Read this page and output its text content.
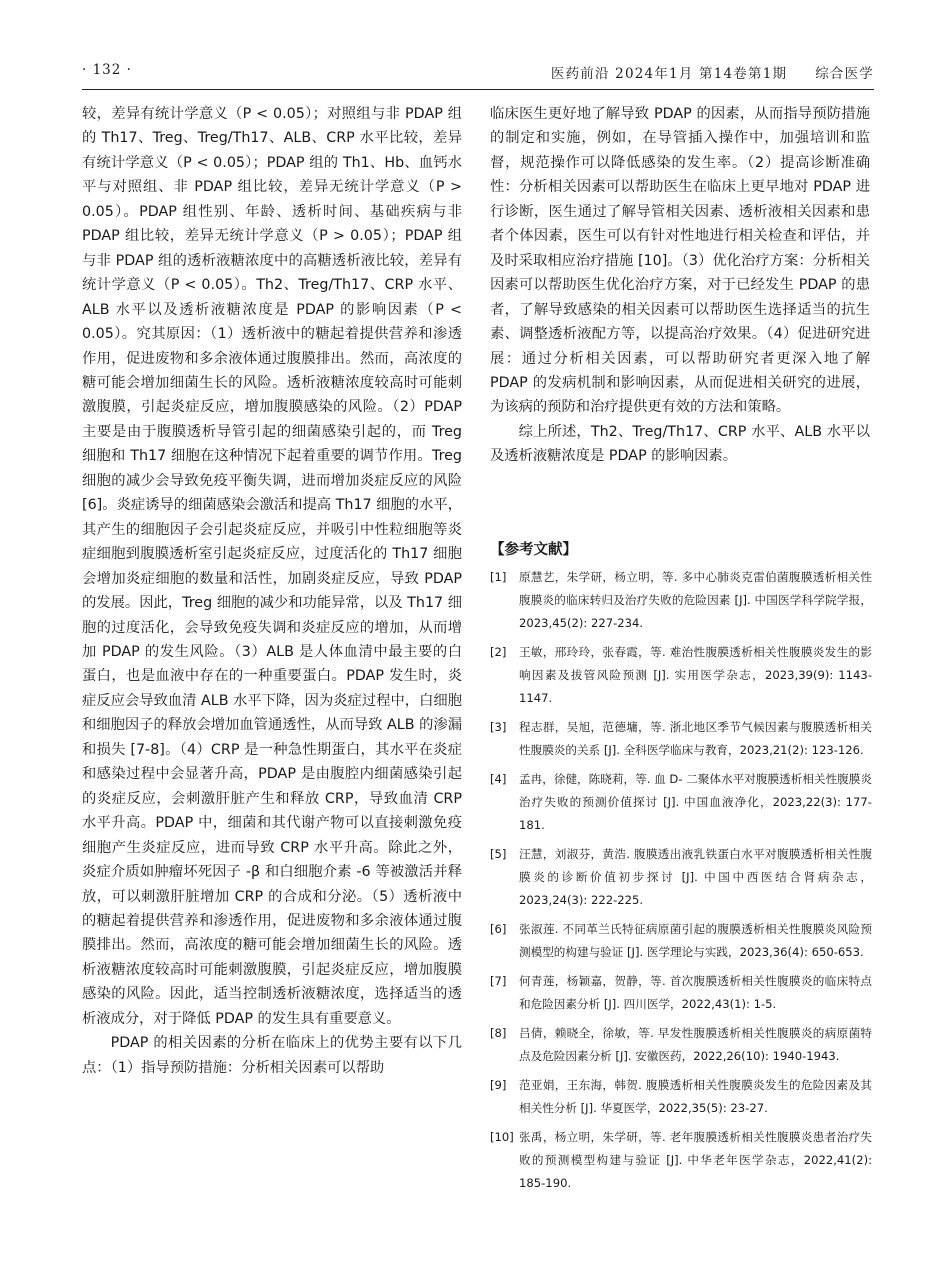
· 132 ·	医药前沿 2024年1月 第14卷第1期 综合医学

较，差异有统计学意义（P < 0.05）；对照组与非 PDAP 组的 Th17、Treg、Treg/Th17、ALB、CRP 水平比较，差异有统计学意义（P < 0.05）；PDAP 组的 Th1、Hb、血钙水平与对照组、非 PDAP 组比较，差异无统计学意义（P > 0.05）。PDAP 组性别、年龄、透析时间、基础疾病与非 PDAP 组比较，差异无统计学意义（P > 0.05）；PDAP 组与非 PDAP 组的透析液糖浓度中的高糖透析液比较，差异有统计学意义（P < 0.05）。Th2、Treg/Th17、CRP 水平、ALB 水平以及透析液糖浓度是 PDAP 的影响因素（P < 0.05）。究其原因：（1）透析液中的糖起着提供营养和渗透作用，促进废物和多余液体通过腹膜排出。然而，高浓度的糖可能会增加细菌生长的风险。透析液糖浓度较高时可能刺激腹膜，引起炎症反应，增加腹膜感染的风险。（2）PDAP 主要是由于腹膜透析导管引起的细菌感染引起的，而 Treg 细胞和 Th17 细胞在这种情况下起着重要的调节作用。Treg 细胞的减少会导致免疫平衡失调，进而增加炎症反应的风险 [6]。炎症诱导的细菌感染会激活和提高 Th17 细胞的水平，其产生的细胞因子会引起炎症反应，并吸引中性粒细胞等炎症细胞到腹膜透析室引起炎症反应，过度活化的 Th17 细胞会增加炎症细胞的数量和活性，加剧炎症反应，导致 PDAP 的发展。因此，Treg 细胞的减少和功能异常，以及 Th17 细胞的过度活化，会导致免疫失调和炎症反应的增加，从而增加 PDAP 的发生风险。（3）ALB 是人体血清中最主要的白蛋白，也是血液中存在的一种重要蛋白。PDAP 发生时，炎症反应会导致血清 ALB 水平下降，因为炎症过程中，白细胞和细胞因子的释放会增加血管通透性，从而导致 ALB 的渗漏和损失 [7-8]。（4）CRP 是一种急性期蛋白，其水平在炎症和感染过程中会显著升高，PDAP 是由腹腔内细菌感染引起的炎症反应，会刺激肝脏产生和释放 CRP，导致血清 CRP 水平升高。PDAP 中，细菌和其代谢产物可以直接刺激免疫细胞产生炎症反应，进而导致 CRP 水平升高。除此之外，炎症介质如肿瘤坏死因子 -β 和白细胞介素 -6 等被激活并释放，可以刺激肝脏增加 CRP 的合成和分泌。（5）透析液中的糖起着提供营养和渗透作用，促进废物和多余液体通过腹膜排出。然而，高浓度的糖可能会增加细菌生长的风险。透析液糖浓度较高时可能刺激腹膜，引起炎症反应，增加腹膜感染的风险。因此，适当控制透析液糖浓度，选择适当的透析液成分，对于降低 PDAP 的发生具有重要意义。

PDAP 的相关因素的分析在临床上的优势主要有以下几点：（1）指导预防措施：分析相关因素可以帮助

临床医生更好地了解导致 PDAP 的因素，从而指导预防措施的制定和实施，例如，在导管插入操作中，加强培训和监督，规范操作可以降低感染的发生率。（2）提高诊断准确性：分析相关因素可以帮助医生在临床上更早地对 PDAP 进行诊断，医生通过了解导管相关因素、透析液相关因素和患者个体因素，医生可以有针对性地进行相关检查和评估，并及时采取相应治疗措施 [10]。（3）优化治疗方案：分析相关因素可以帮助医生优化治疗方案，对于已经发生 PDAP 的患者，了解导致感染的相关因素可以帮助医生选择适当的抗生素、调整透析液配方等，以提高治疗效果。（4）促进研究进展：通过分析相关因素，可以帮助研究者更深入地了解 PDAP 的发病机制和影响因素，从而促进相关研究的进展，为该病的预防和治疗提供更有效的方法和策略。

综上所述，Th2、Treg/Th17、CRP 水平、ALB 水平以及透析液糖浓度是 PDAP 的影响因素。

【参考文献】
[1] 原慧艺，朱学研，杨立明，等. 多中心肺炎克雷伯菌腹膜透析相关性腹膜炎的临床转归及治疗失败的危险因素 [J]. 中国医学科学院学报，2023,45(2): 227-234.
[2] 王敏，邢玲玲，张春霞，等. 难治性腹膜透析相关性腹膜炎发生的影响因素及拔管风险预测 [J]. 实用医学杂志，2023,39(9): 1143-1147.
[3] 程志群，吴旭，范德墉，等. 浙北地区季节气候因素与腹膜透析相关性腹膜炎的关系 [J]. 全科医学临床与教育，2023,21(2): 123-126.
[4] 孟冉，徐健，陈晓莉，等. 血 D- 二聚体水平对腹膜透析相关性腹膜炎治疗失败的预测价值探讨 [J]. 中国血液净化，2023,22(3): 177-181.
[5] 汪慧，刘淑芬，黄浩. 腹膜透出液乳铁蛋白水平对腹膜透析相关性腹膜炎的诊断价值初步探讨 [J]. 中国中西医结合肾病杂志，2023,24(3): 222-225.
[6] 张淑莲. 不同革兰氏特征病原菌引起的腹膜透析相关性腹膜炎风险预测模型的构建与验证 [J]. 医学理论与实践，2023,36(4): 650-653.
[7] 何青莲，杨颖嘉，贺静，等. 首次腹膜透析相关性腹膜炎的临床特点和危险因素分析 [J]. 四川医学，2022,43(1): 1-5.
[8] 吕倩，赖晓全，徐敏，等. 早发性腹膜透析相关性腹膜炎的病原菌特点及危险因素分析 [J]. 安徽医药，2022,26(10): 1940-1943.
[9] 范亚娟，王东海，韩贺. 腹膜透析相关性腹膜炎发生的危险因素及其相关性分析 [J]. 华夏医学，2022,35(5): 23-27.
[10] 张禹，杨立明，朱学研，等. 老年腹膜透析相关性腹膜炎患者治疗失败的预测模型构建与验证 [J]. 中华老年医学杂志，2022,41(2): 185-190.
